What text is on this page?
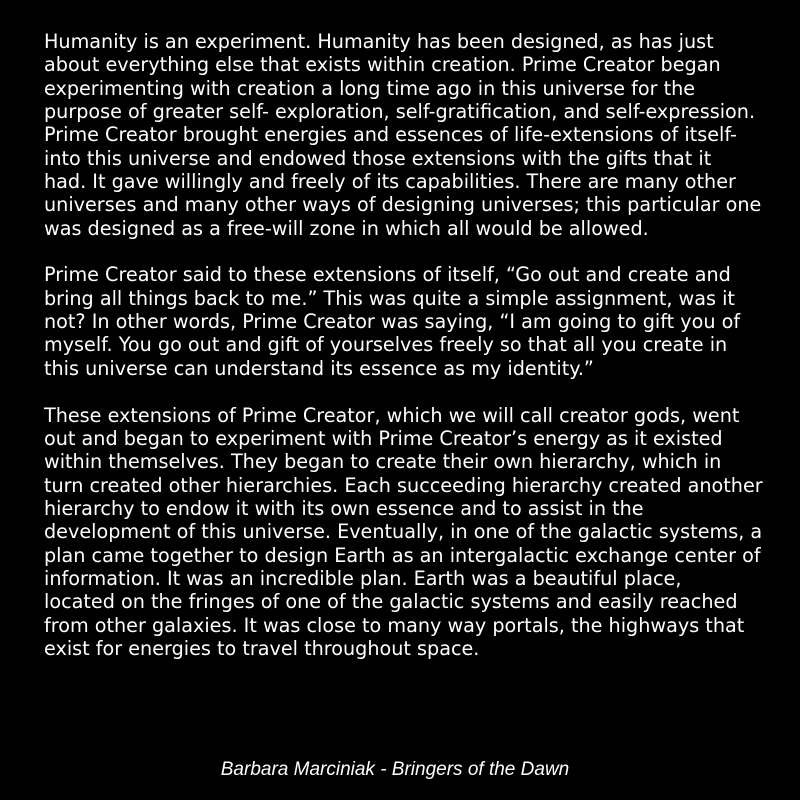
Humanity is an experiment. Humanity has been designed, as has just
about everything else that exists within creation. Prime Creator began
experimenting with creation a long time ago in this universe for the
purpose of greater self- exploration, self-gratification, and self-expression.
Prime Creator brought energies and essences of life-extensions of itself-
into this universe and endowed those extensions with the gifts that it
had. It gave willingly and freely of its capabilities. There are many other
universes and many other ways of designing universes; this particular one
was designed as a free-will zone in which all would be allowed.

Prime Creator said to these extensions of itself, “Go out and create and
bring all things back to me.” This was quite a simple assignment, was it
not? In other words, Prime Creator was saying, “I am going to gift you of
myself. You go out and gift of yourselves freely so that all you create in
this universe can understand its essence as my identity.”

These extensions of Prime Creator, which we will call creator gods, went
out and began to experiment with Prime Creator’s energy as it existed
within themselves. They began to create their own hierarchy, which in
turn created other hierarchies. Each succeeding hierarchy created another
hierarchy to endow it with its own essence and to assist in the
development of this universe. Eventually, in one of the galactic systems, a
plan came together to design Earth as an intergalactic exchange center of
information. It was an incredible plan. Earth was a beautiful place,
located on the fringes of one of the galactic systems and easily reached
from other galaxies. It was close to many way portals, the highways that
exist for energies to travel throughout space.

Barbara Marciniak - Bringers of the Dawn
